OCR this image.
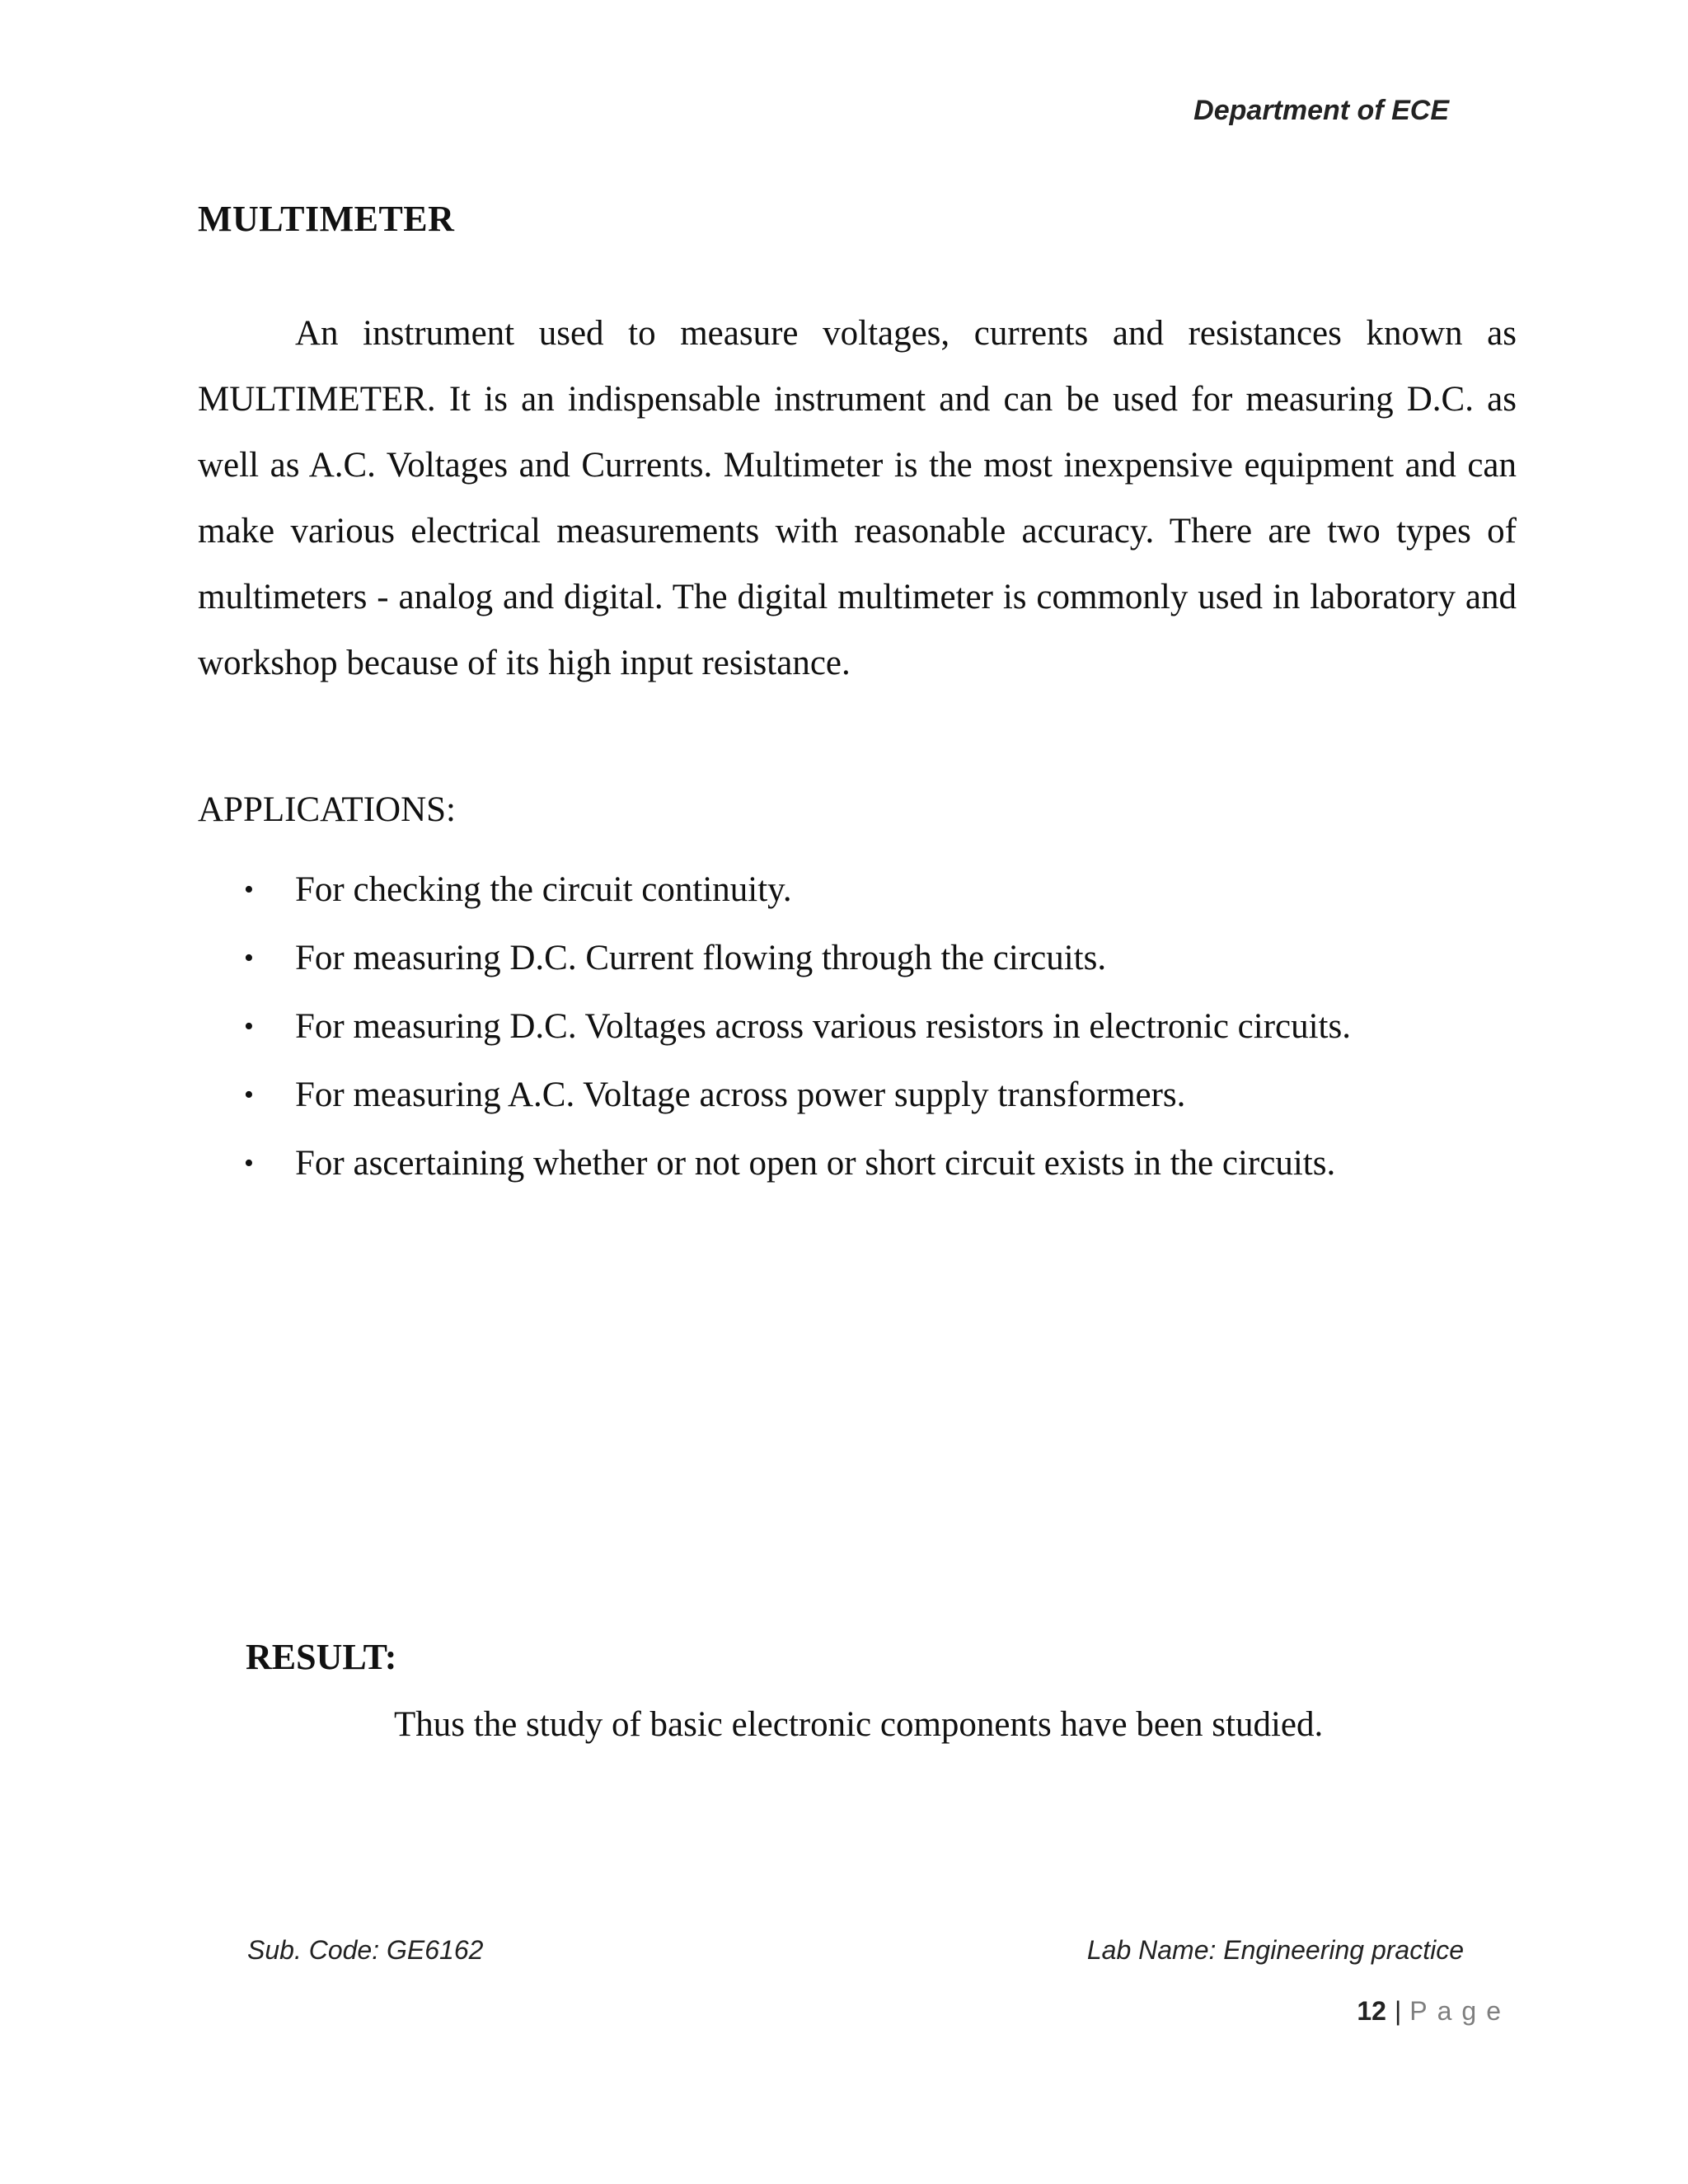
Department of ECE
MULTIMETER

An instrument used to measure voltages, currents and resistances known as MULTIMETER. It is an indispensable instrument and can be used for measuring D.C. as well as A.C. Voltages and Currents. Multimeter is the most inexpensive equipment and can make various electrical measurements with reasonable accuracy. There are two types of multimeters - analog and digital. The digital multimeter is commonly used in laboratory and workshop because of its high input resistance.

APPLICATIONS:
• For checking the circuit continuity.
• For measuring D.C. Current flowing through the circuits.
• For measuring D.C. Voltages across various resistors in electronic circuits.
• For measuring A.C. Voltage across power supply transformers.
• For ascertaining whether or not open or short circuit exists in the circuits.
RESULT:
Thus the study of basic electronic components have been studied.
Sub. Code: GE6162	Lab Name: Engineering practice
12 | Page
